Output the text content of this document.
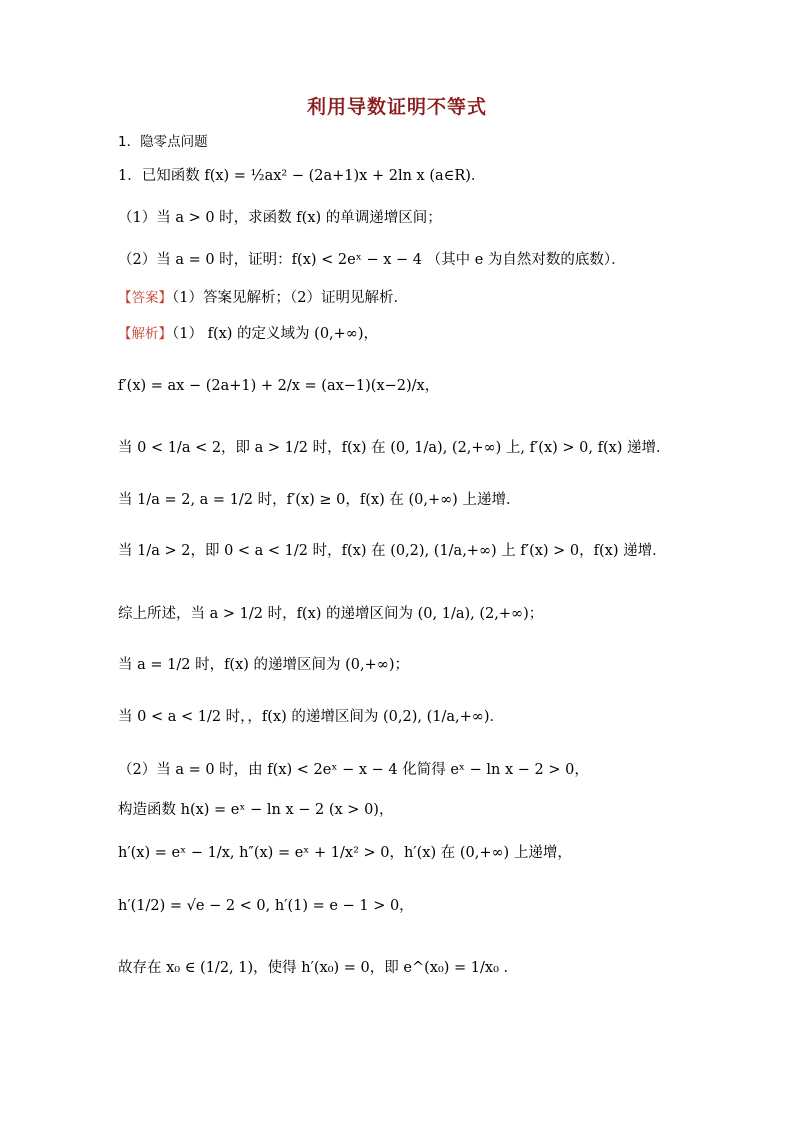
利用导数证明不等式
1．隐零点问题
1．已知函数 f(x) = ½ax² − (2a+1)x + 2ln x (a∈R)．
（1）当 a > 0 时，求函数 f(x) 的单调递增区间；
（2）当 a = 0 时，证明：f(x) < 2eˣ − x − 4 （其中 e 为自然对数的底数）．
【答案】（1）答案见解析；（2）证明见解析．
【解析】（1） f(x) 的定义域为 (0,+∞)，
f′(x) = ax − (2a+1) + 2/x = (ax−1)(x−2)/x，
当 0 < 1/a < 2，即 a > 1/2 时，f(x) 在 (0, 1/a), (2,+∞) 上, f′(x) > 0, f(x) 递增．
当 1/a = 2, a = 1/2 时，f′(x) ≥ 0，f(x) 在 (0,+∞) 上递增．
当 1/a > 2，即 0 < a < 1/2 时，f(x) 在 (0,2), (1/a,+∞) 上 f′(x) > 0，f(x) 递增．
综上所述，当 a > 1/2 时，f(x) 的递增区间为 (0, 1/a), (2,+∞)；
当 a = 1/2 时，f(x) 的递增区间为 (0,+∞)；
当 0 < a < 1/2 时，，f(x) 的递增区间为 (0,2), (1/a,+∞)．
（2）当 a = 0 时，由 f(x) < 2eˣ − x − 4 化简得 eˣ − ln x − 2 > 0，
构造函数 h(x) = eˣ − ln x − 2 (x > 0)，
h′(x) = eˣ − 1/x, h″(x) = eˣ + 1/x² > 0，h′(x) 在 (0,+∞) 上递增，
h′(1/2) = √e − 2 < 0, h′(1) = e − 1 > 0，
故存在 x₀ ∈ (1/2, 1)，使得 h′(x₀) = 0，即 e^(x₀) = 1/x₀ ．
